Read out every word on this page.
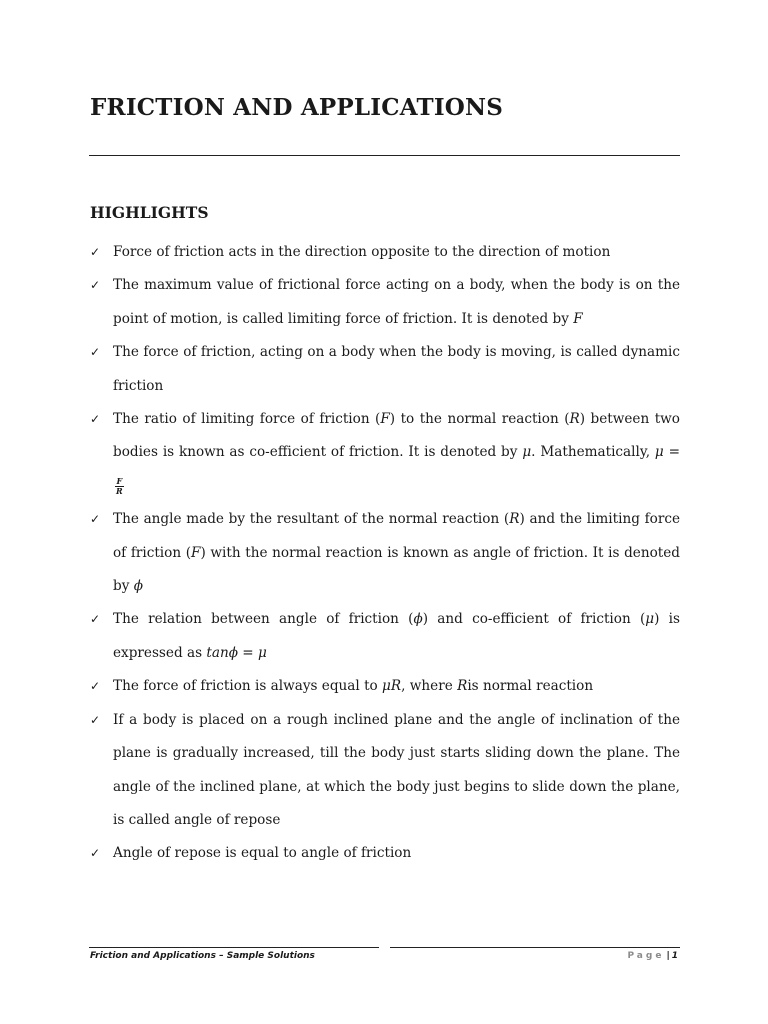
FRICTION AND APPLICATIONS
HIGHLIGHTS
✓ Force of friction acts in the direction opposite to the direction of motion
✓ The maximum value of frictional force acting on a body, when the body is on the point of motion, is called limiting force of friction. It is denoted by F
✓ The force of friction, acting on a body when the body is moving, is called dynamic friction
✓ The ratio of limiting force of friction (F) to the normal reaction (R) between two bodies is known as co-efficient of friction. It is denoted by μ. Mathematically, μ =
$\frac{F}{R}$
✓ The angle made by the resultant of the normal reaction (R) and the limiting force of friction (F) with the normal reaction is known as angle of friction. It is denoted by ϕ
✓ The relation between angle of friction (ϕ) and co-efficient of friction (μ) is expressed as tanϕ = μ
✓ The force of friction is always equal to μR, where Ris normal reaction
✓ If a body is placed on a rough inclined plane and the angle of inclination of the plane is gradually increased, till the body just starts sliding down the plane. The angle of the inclined plane, at which the body just begins to slide down the plane, is called angle of repose
✓ Angle of repose is equal to angle of friction
Friction and Applications – Sample Solutions	Page | 1
